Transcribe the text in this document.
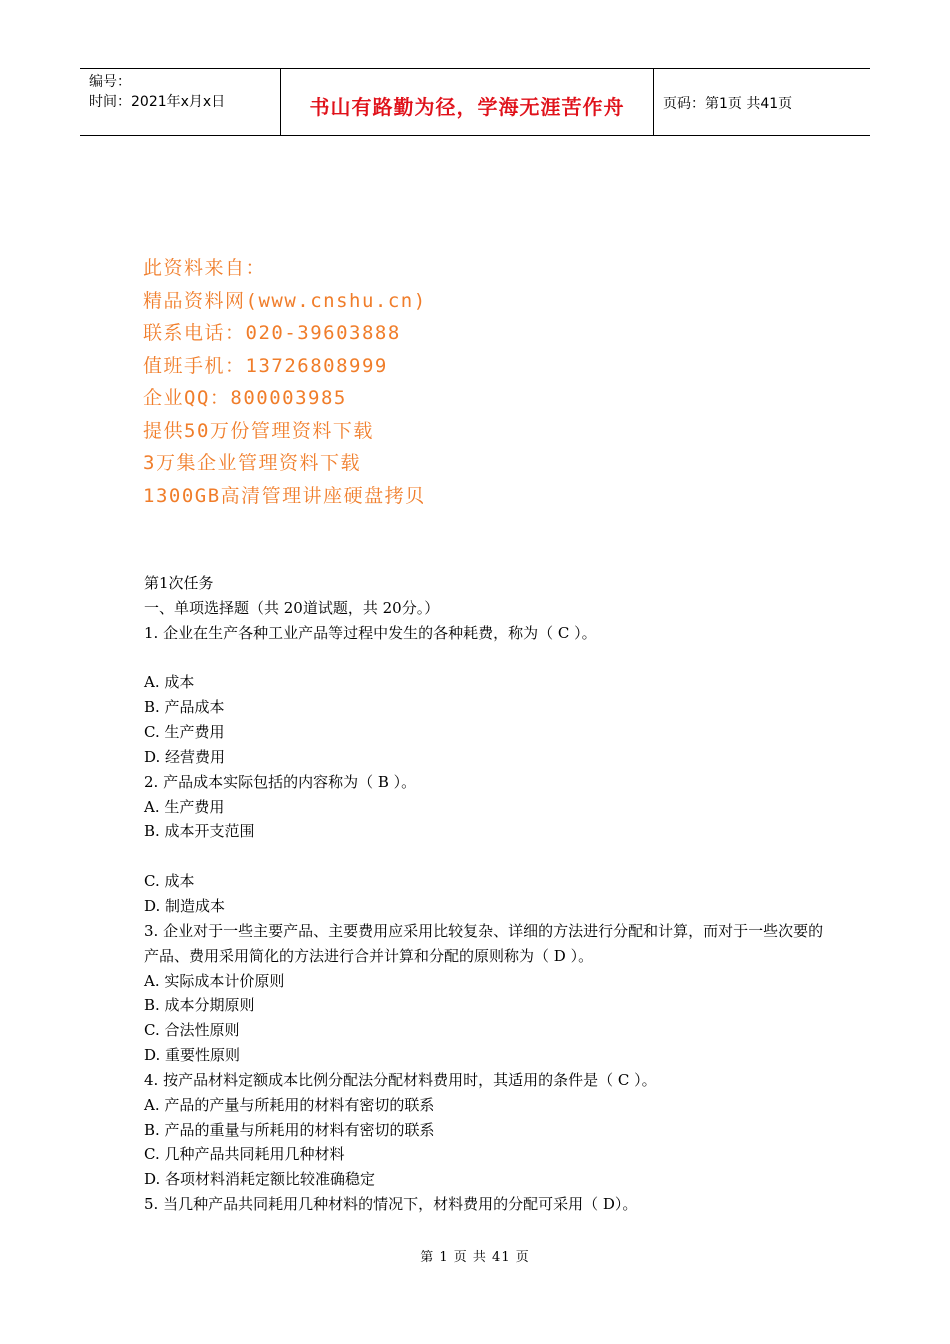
编号：
时间：2021年x月x日	书山有路勤为径，学海无涯苦作舟	页码：第1页 共41页
此资料来自：
精品资料网(www.cnshu.cn)
联系电话：020-39603888
值班手机：13726808999
企业QQ：800003985
提供50万份管理资料下载
3万集企业管理资料下载
1300GB高清管理讲座硬盘拷贝
第1次任务
一、单项选择题（共 20道试题，共 20分。）
1. 企业在生产各种工业产品等过程中发生的各种耗费，称为（ C ）。
A. 成本
B. 产品成本
C. 生产费用
D. 经营费用
2. 产品成本实际包括的内容称为（ B ）。
A. 生产费用
B. 成本开支范围
C. 成本
D. 制造成本
3. 企业对于一些主要产品、主要费用应采用比较复杂、详细的方法进行分配和计算，而对于一些次要的产品、费用采用简化的方法进行合并计算和分配的原则称为（ D ）。
A. 实际成本计价原则
B. 成本分期原则
C. 合法性原则
D. 重要性原则
4. 按产品材料定额成本比例分配法分配材料费用时，其适用的条件是（ C ）。
A. 产品的产量与所耗用的材料有密切的联系
B. 产品的重量与所耗用的材料有密切的联系
C. 几种产品共同耗用几种材料
D. 各项材料消耗定额比较准确稳定
5. 当几种产品共同耗用几种材料的情况下，材料费用的分配可采用（ D）。
第 1 页 共 41 页
